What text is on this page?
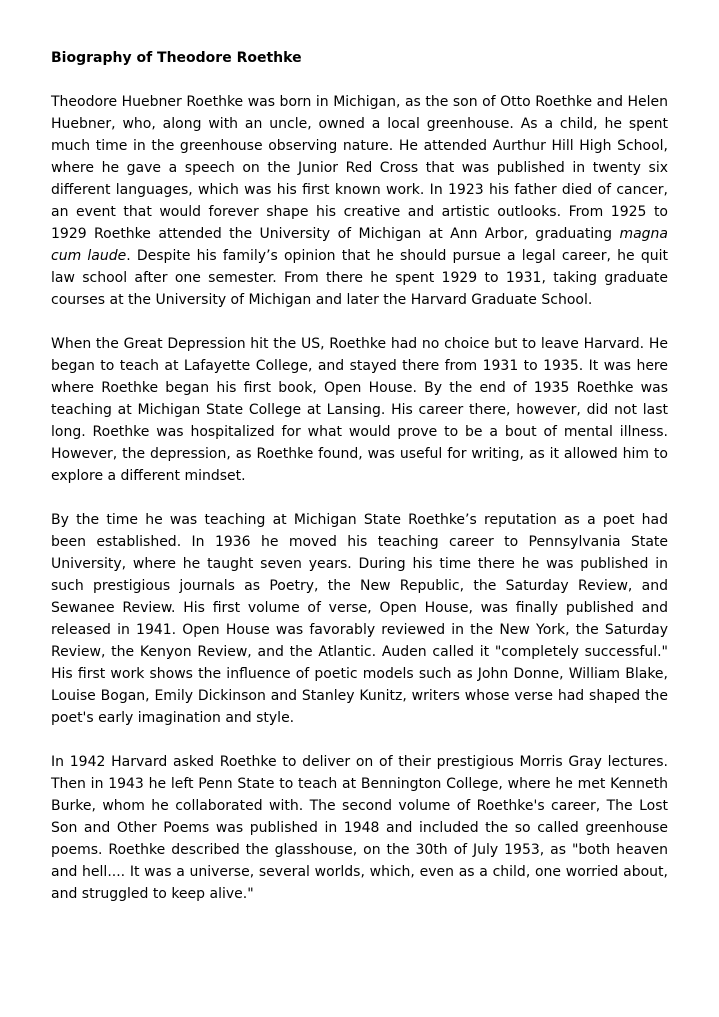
Biography of Theodore Roethke

Theodore Huebner Roethke was born in Michigan, as the son of Otto Roethke and Helen Huebner, who, along with an uncle, owned a local greenhouse. As a child, he spent much time in the greenhouse observing nature. He attended Aurthur Hill High School, where he gave a speech on the Junior Red Cross that was published in twenty six different languages, which was his first known work. In 1923 his father died of cancer, an event that would forever shape his creative and artistic outlooks. From 1925 to 1929 Roethke attended the University of Michigan at Ann Arbor, graduating magna cum laude. Despite his family’s opinion that he should pursue a legal career, he quit law school after one semester. From there he spent 1929 to 1931, taking graduate courses at the University of Michigan and later the Harvard Graduate School.

When the Great Depression hit the US, Roethke had no choice but to leave Harvard. He began to teach at Lafayette College, and stayed there from 1931 to 1935. It was here where Roethke began his first book, Open House. By the end of 1935 Roethke was teaching at Michigan State College at Lansing. His career there, however, did not last long. Roethke was hospitalized for what would prove to be a bout of mental illness. However, the depression, as Roethke found, was useful for writing, as it allowed him to explore a different mindset.

By the time he was teaching at Michigan State Roethke’s reputation as a poet had been established. In 1936 he moved his teaching career to Pennsylvania State University, where he taught seven years. During his time there he was published in such prestigious journals as Poetry, the New Republic, the Saturday Review, and Sewanee Review. His first volume of verse, Open House, was finally published and released in 1941. Open House was favorably reviewed in the New York, the Saturday Review, the Kenyon Review, and the Atlantic. Auden called it "completely successful." His first work shows the influence of poetic models such as John Donne, William Blake, Louise Bogan, Emily Dickinson and Stanley Kunitz, writers whose verse had shaped the poet's early imagination and style.

In 1942 Harvard asked Roethke to deliver on of their prestigious Morris Gray lectures. Then in 1943 he left Penn State to teach at Bennington College, where he met Kenneth Burke, whom he collaborated with. The second volume of Roethke's career, The Lost Son and Other Poems was published in 1948 and included the so called greenhouse poems. Roethke described the glasshouse, on the 30th of July 1953, as "both heaven and hell.... It was a universe, several worlds, which, even as a child, one worried about, and struggled to keep alive."
